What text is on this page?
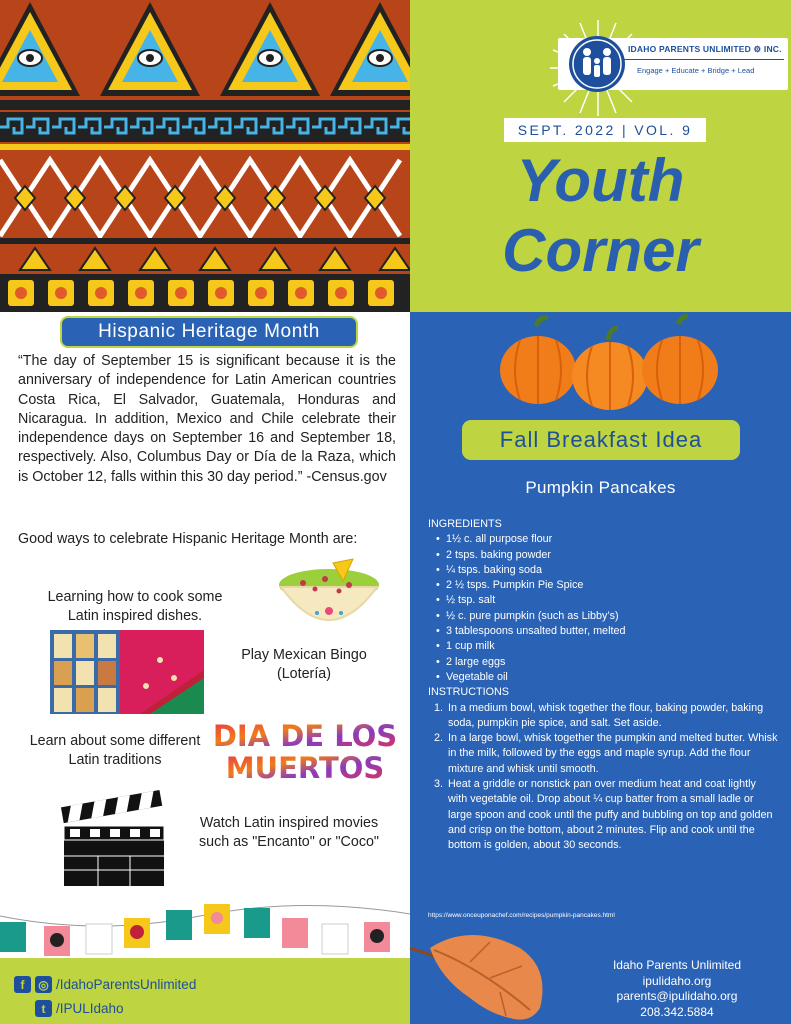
IDAHO PARENTS UNLIMITED ⚙ INC.
Engage + Educate + Bridge + Lead
SEPT. 2022 | VOL. 9
Youth
Corner
Hispanic Heritage Month

“The day of September 15 is significant because it is the anniversary of independence for Latin American countries Costa Rica, El Salvador, Guatemala, Honduras and Nicaragua. In addition, Mexico and Chile celebrate their independence days on September 16 and September 18, respectively. Also, Columbus Day or Día de la Raza, which is October 12, falls within this 30 day period.” -Census.gov

Good ways to celebrate Hispanic Heritage Month are:

Learning how to cook some
Latin inspired dishes.
Play Mexican Bingo
(Lotería)
Learn about some different
Latin traditions
DIA DE LOS
MUERTOS
Watch Latin inspired movies
such as "Encanto" or "Coco"
f	◎ /IdahoParentsUnlimited
t /IPULIdaho
Fall Breakfast Idea
Pumpkin Pancakes
INGREDIENTS
• 1½ c. all purpose flour
• 2 tsps. baking powder
• ¼ tsps. baking soda
• 2 ½ tsps. Pumpkin Pie Spice
• ½ tsp. salt
• ½ c. pure pumpkin (such as Libby’s)
• 3 tablespoons unsalted butter, melted
• 1 cup milk
• 2 large eggs
• Vegetable oil
INSTRUCTIONS
1. In a medium bowl, whisk together the flour, baking powder, baking soda, pumpkin pie spice, and salt. Set aside.
2. In a large bowl, whisk together the pumpkin and melted butter. Whisk in the milk, followed by the eggs and maple syrup. Add the flour mixture and whisk until smooth.
3. Heat a griddle or nonstick pan over medium heat and coat lightly with vegetable oil. Drop about ¼ cup batter from a small ladle or large spoon and cook until the puffy and bubbling on top and golden and crisp on the bottom, about 2 minutes. Flip and cook until the bottom is golden, about 30 seconds.
https://www.onceuponachef.com/recipes/pumpkin-pancakes.html
Idaho Parents Unlimited
ipulidaho.org
parents@ipulidaho.org
208.342.5884
